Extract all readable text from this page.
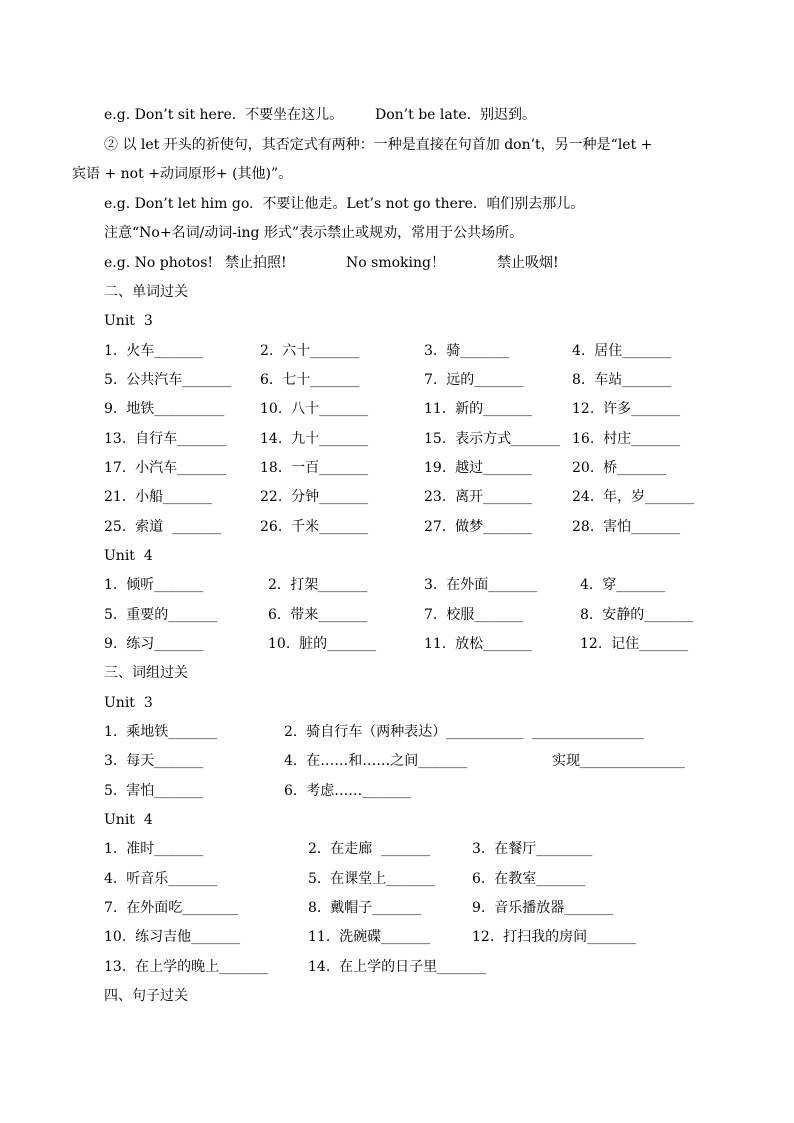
e.g. Don’t sit here.  不要坐在这儿。 Don’t be late.  别迟到。
② 以 let 开头的祈使句，其否定式有两种：一种是直接在句首加 don’t，另一种是“let +
宾语 + not +动词原形+ (其他)”。
e.g. Don’t let him go.  不要让他走。Let’s not go there.  咱们别去那儿。
注意“No+名词/动词-ing 形式”表示禁止或规劝，常用于公共场所。
e.g. No photos! 禁止拍照!	No smoking！	禁止吸烟!
二、单词过关
Unit  3
1.  火车_______	2.  六十_______	3.  骑_______	4.  居住_______
5.  公共汽车_______ 6.  七十_______	7.  远的_______	8.  车站_______
9.  地铁__________	10.  八十_______	11.  新的_______	12.  许多_______
13.  自行车_______ 14.  九十_______	15.  表示方式_______ 16.  村庄_______
17.  小汽车_______ 18.  一百_______	19.  越过_______	20.  桥_______
21.  小船_______	22.  分钟_______	23.  离开_______	24.  年，岁_______
25.  索道  _______	26.  千米_______	27.  做梦_______	28.  害怕_______
Unit  4
1.  倾听_______	2.  打架_______	3.  在外面_______	4.  穿_______
5.  重要的_______	6.  带来_______	7.  校服_______	8.  安静的_______
9.  练习_______	10.  脏的_______	11.  放松_______	12.  记住_______
三、词组过关
Unit  3
1.  乘地铁_______	2.  骑自行车（两种表达）___________  ________________
3.  每天_______	4.  在……和……之间_______	实现_______________
5.  害怕_______	6.  考虑……_______
Unit  4
1.  准时_______	2.  在走廊  _______	3.  在餐厅________
4.  听音乐_______	5.  在课堂上_______	6.  在教室_______
7.  在外面吃________	8.  戴帽子_______	9.  音乐播放器_______
10.  练习吉他_______	11.  洗碗碟_______	12.  打扫我的房间_______
13.  在上学的晚上_______	14.  在上学的日子里_______
四、句子过关
